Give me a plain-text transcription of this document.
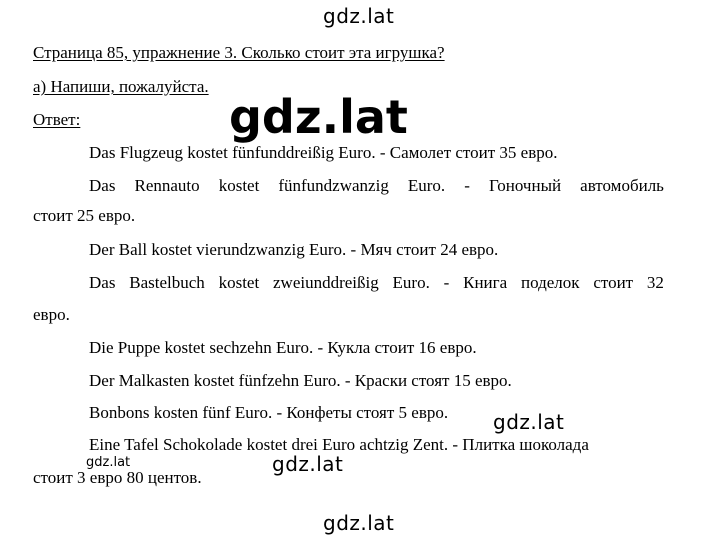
gdz.lat
gdz.lat
gdz.lat
gdz.lat	gdz.lat
gdz.lat
Страница 85, упражнение 3. Сколько стоит эта игрушка?
а) Напиши, пожалуйста.
Ответ:
Das Flugzeug kostet fünfunddreißig Euro. - Самолет стоит 35 евро.
Das Rennauto kostet fünfundzwanzig Euro. - Гоночный автомобиль
стоит 25 евро.
Der Ball kostet vierundzwanzig Euro. - Мяч стоит 24 евро.
Das Bastelbuch kostet zweiunddreißig Euro. - Книга поделок стоит 32
евро.
Die Puppe kostet sechzehn Euro. - Кукла стоит 16 евро.
Der Malkasten kostet fünfzehn Euro. - Краски стоят 15 евро.
Bonbons kosten fünf Euro. - Конфеты стоят 5 евро.
Eine Tafel Schokolade kostet drei Euro achtzig Zent. - Плитка шоколада
стоит 3 евро 80 центов.
